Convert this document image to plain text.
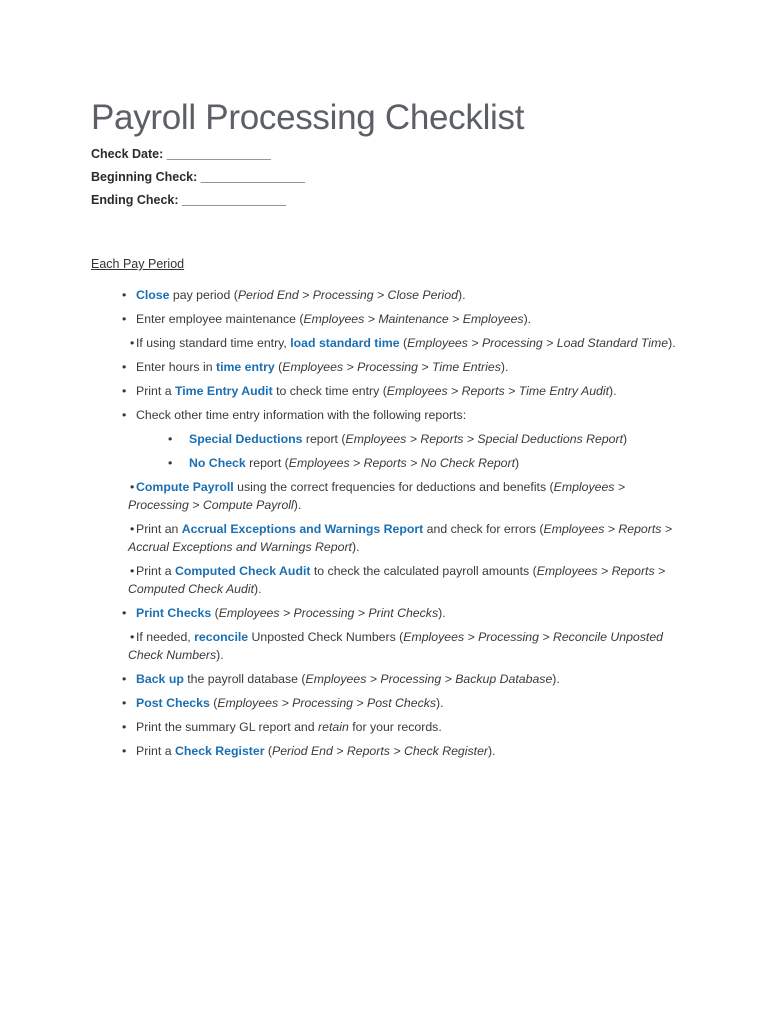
Payroll Processing Checklist
Check Date: _______________
Beginning Check: _______________
Ending Check: _______________
Each Pay Period
• Close pay period (Period End > Processing > Close Period).
• Enter employee maintenance (Employees > Maintenance > Employees).
• If using standard time entry, load standard time (Employees > Processing > Load Standard Time).
• Enter hours in time entry (Employees > Processing > Time Entries).
• Print a Time Entry Audit to check time entry (Employees > Reports > Time Entry Audit).
• Check other time entry information with the following reports:
• Special Deductions report (Employees > Reports > Special Deductions Report)
• No Check report (Employees > Reports > No Check Report)
• Compute Payroll using the correct frequencies for deductions and benefits (Employees > Processing > Compute Payroll).
• Print an Accrual Exceptions and Warnings Report and check for errors (Employees > Reports > Accrual Exceptions and Warnings Report).
• Print a Computed Check Audit to check the calculated payroll amounts (Employees > Reports > Computed Check Audit).
• Print Checks (Employees > Processing > Print Checks).
• If needed, reconcile Unposted Check Numbers (Employees > Processing > Reconcile Unposted Check Numbers).
• Back up the payroll database (Employees > Processing > Backup Database).
• Post Checks (Employees > Processing > Post Checks).
• Print the summary GL report and retain for your records.
• Print a Check Register (Period End > Reports > Check Register).
